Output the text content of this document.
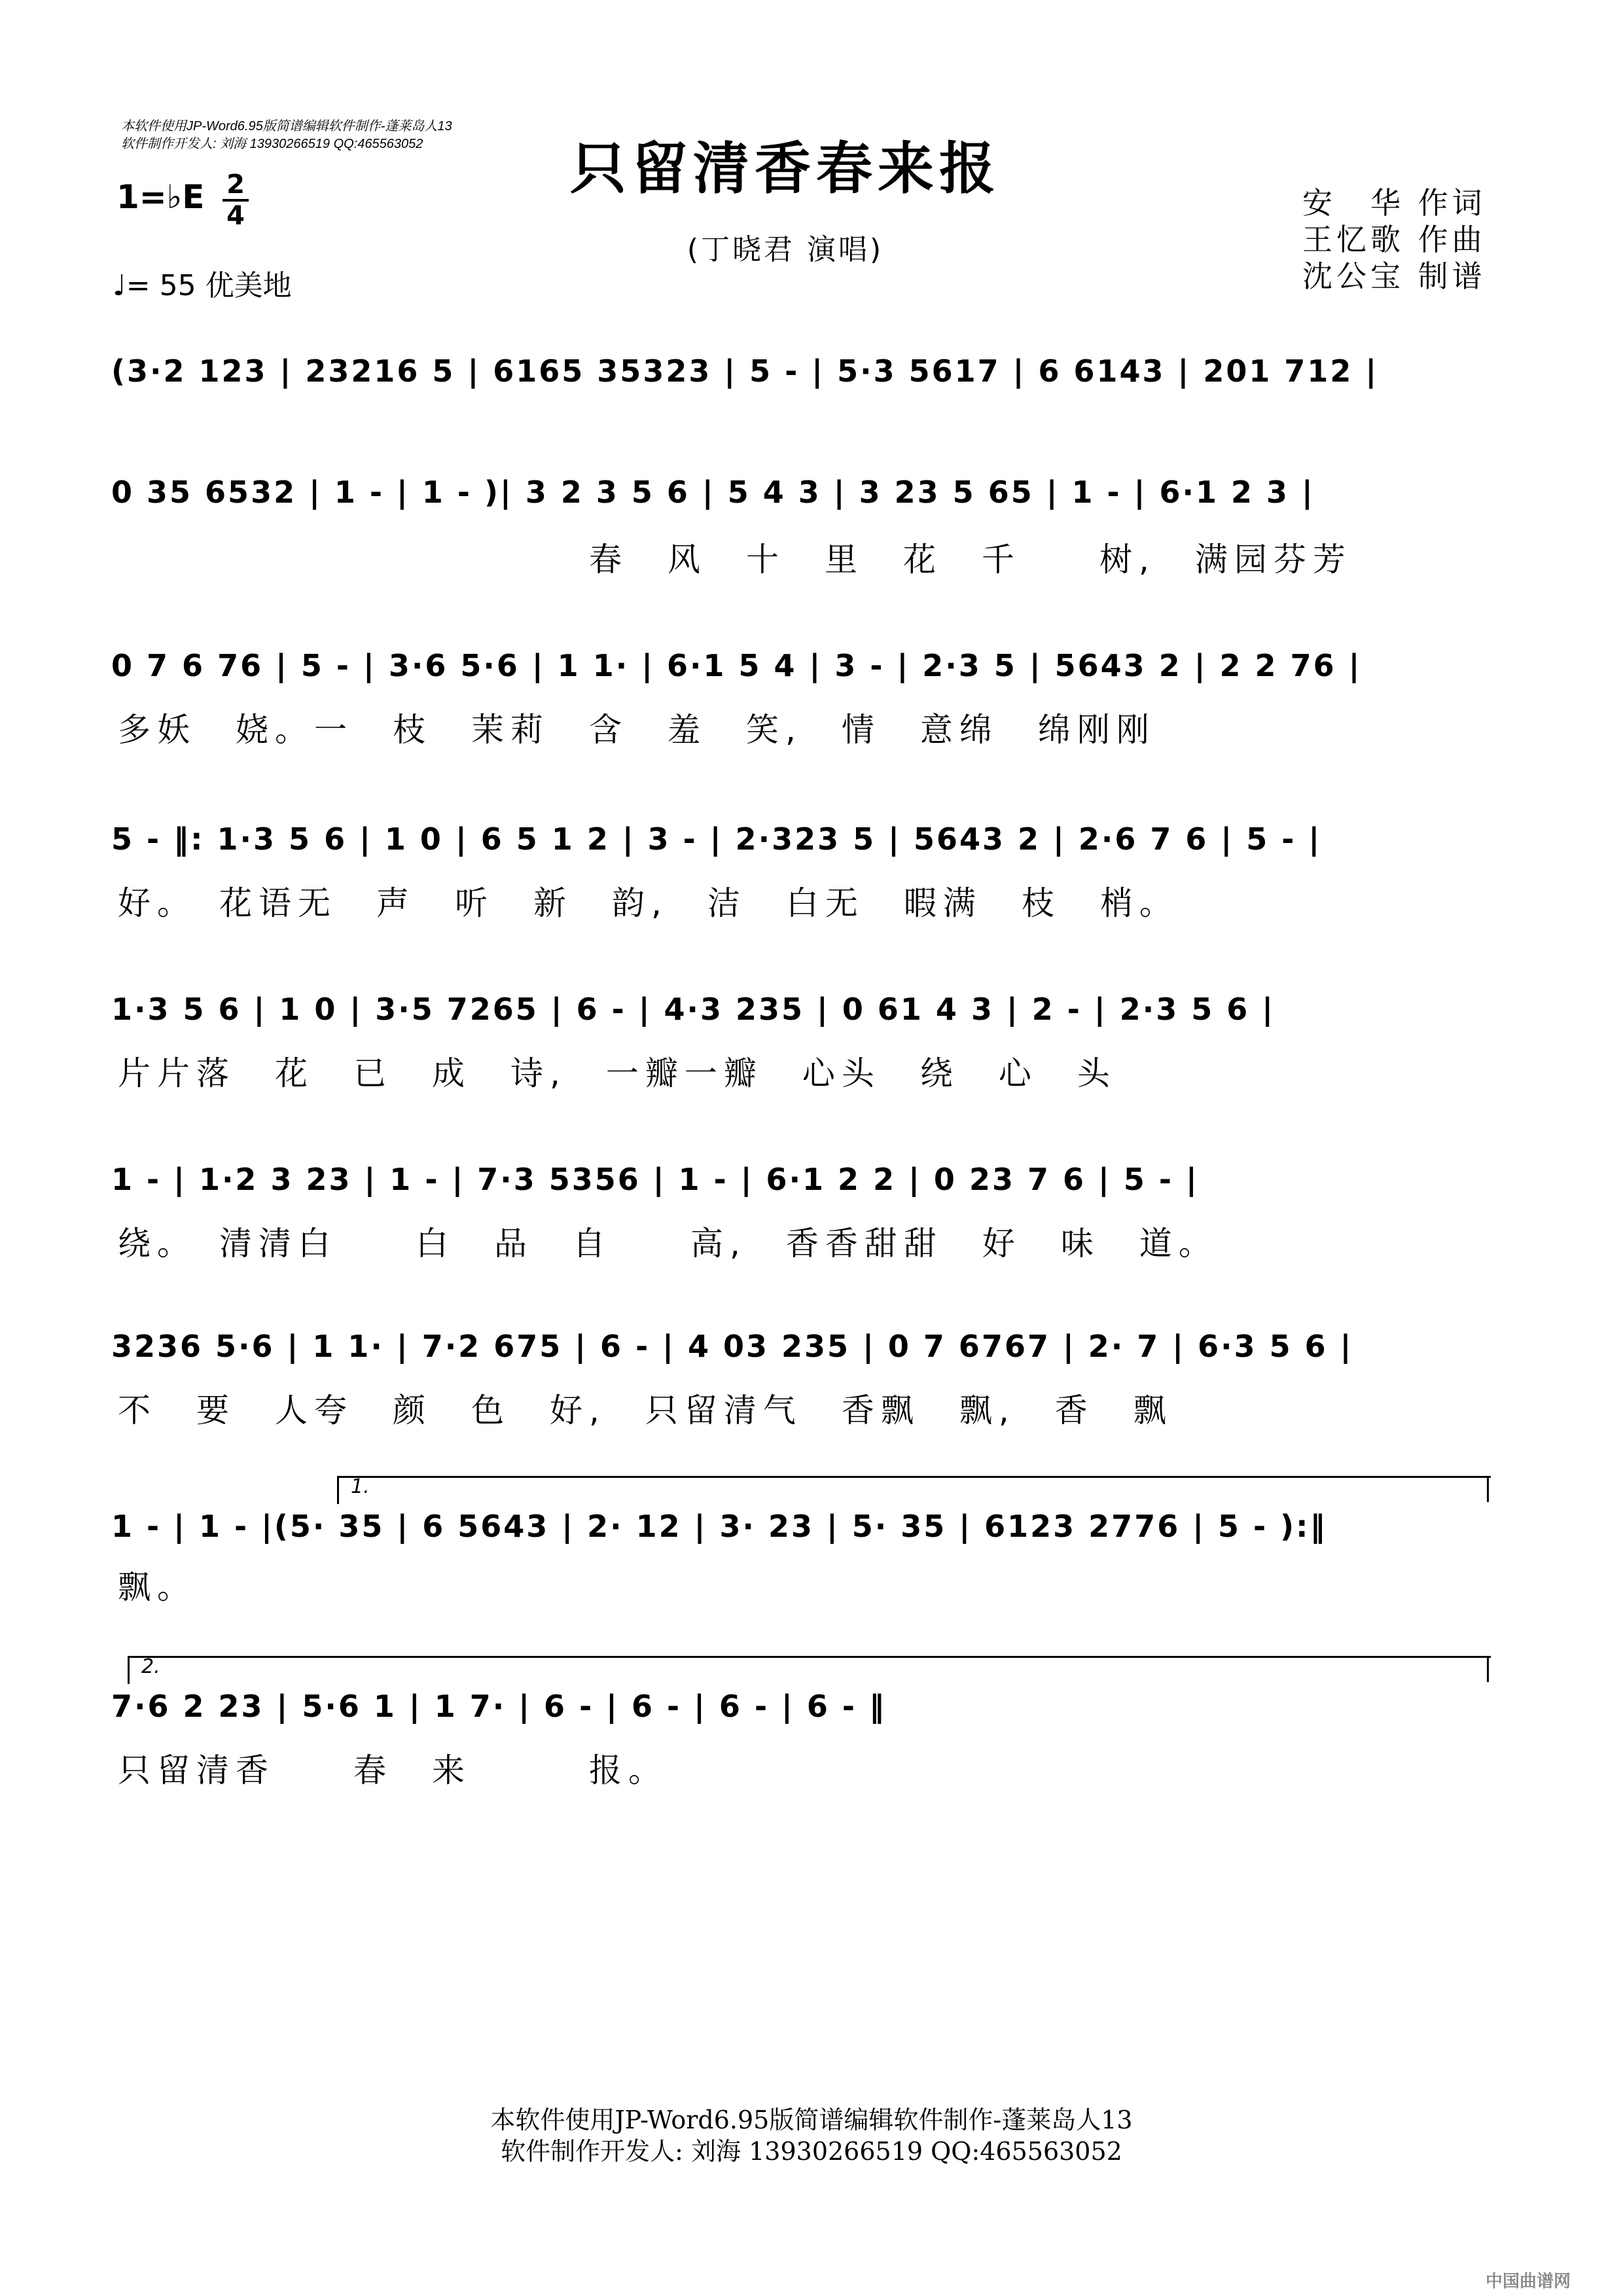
本软件使用JP-Word6.95版简谱编辑软件制作-蓬莱岛人13
软件制作开发人: 刘海 13930266519 QQ:465563052	只留清香春来报
(丁晓君 演唱)
安　华 作词
王忆歌 作曲
沈公宝 制谱
1=♭E 2
4
♩= 55 优美地
(3·2 123 | 23216 5 | 6165 35323 | 5 - | 5·3 5617 | 6 6143 | 201 712 |
0 35 6532 | 1 - | 1 - )| 3 2 3 5 6 | 5 4 3 | 3 23 5 65 | 1 - | 6·1 2 3 |
春　风　十　里　花　千　　树,　满园芬芳
0 7 6 76 | 5 - | 3·6 5·6 | 1 1· | 6·1 5 4 | 3 - | 2·3 5 | 5643 2 | 2 2 76 |
多妖　娆。一　枝　茉莉　含　羞　笑,　情　意绵　绵刚刚
5 - ‖: 1·3 5 6 | 1 0 | 6 5 1 2 | 3 - | 2·323 5 | 5643 2 | 2·6 7 6 | 5 - |
好。　花语无　声　听　新　韵,　洁　白无　暇满　枝　梢。
1·3 5 6 | 1 0 | 3·5 7265 | 6 - | 4·3 235 | 0 61 4 3 | 2 - | 2·3 5 6 |
片片落　花　已　成　诗,　一瓣一瓣　心头　绕　心　头
1 - | 1·2 3 23 | 1 - | 7·3 5356 | 1 - | 6·1 2 2 | 0 23 7 6 | 5 - |
绕。　清清白　　白　品　自　　高,　香香甜甜　好　味　道。
3236 5·6 | 1 1· | 7·2 675 | 6 - | 4 03 235 | 0 7 6767 | 2· 7 | 6·3 5 6 |
不　要　人夸　颜　色　好,　只留清气　香飘　飘,　香　飘
1.
1 - | 1 - |(5· 35 | 6 5643 | 2· 12 | 3· 23 | 5· 35 | 6123 2776 | 5 - ):‖
飘。
2.
7·6 2 23 | 5·6 1 | 1 7· | 6 - | 6 - | 6 - | 6 - ‖
只留清香　　春　来　　　报。
本软件使用JP-Word6.95版简谱编辑软件制作-蓬莱岛人13
软件制作开发人: 刘海 13930266519 QQ:465563052
中国曲谱网
